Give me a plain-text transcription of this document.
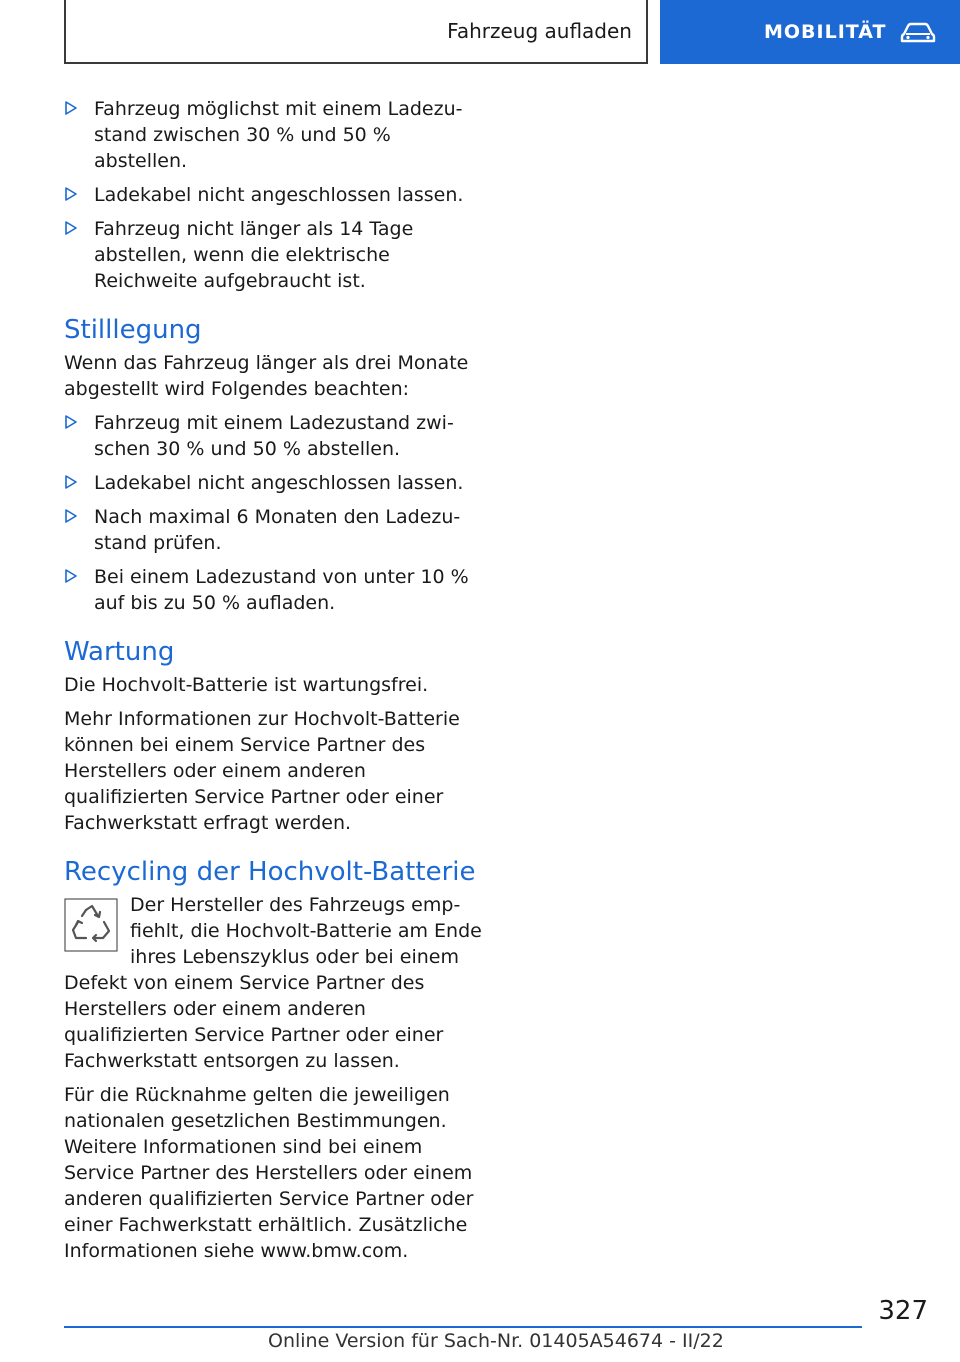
Fahrzeug aufladen	MOBILITÄT
Fahrzeug möglichst mit einem Ladezustand zwischen 30 % und 50 % abstellen.
Ladekabel nicht angeschlossen lassen.
Fahrzeug nicht länger als 14 Tage abstellen, wenn die elektrische Reichweite aufgebraucht ist.
Stilllegung

Wenn das Fahrzeug länger als drei Monate abgestellt wird Folgendes beachten:

Fahrzeug mit einem Ladezustand zwischen 30 % und 50 % abstellen.
Ladekabel nicht angeschlossen lassen.
Nach maximal 6 Monaten den Ladezustand prüfen.
Bei einem Ladezustand von unter 10 % auf bis zu 50 % aufladen.
Wartung

Die Hochvolt-Batterie ist wartungsfrei.

Mehr Informationen zur Hochvolt-Batterie können bei einem Service Partner des Herstellers oder einem anderen qualifizierten Service Partner oder einer Fachwerkstatt erfragt werden.

Recycling der Hochvolt-Batterie

Der Hersteller des Fahrzeugs empfiehlt, die Hochvolt-Batterie am Ende ihres Lebenszyklus oder bei einem Defekt von einem Service Partner des Herstellers oder einem anderen qualifizierten Service Partner oder einer Fachwerkstatt entsorgen zu lassen.

Für die Rücknahme gelten die jeweiligen nationalen gesetzlichen Bestimmungen. Weitere Informationen sind bei einem Service Partner des Herstellers oder einem anderen qualifizierten Service Partner oder einer Fachwerkstatt erhältlich. Zusätzliche Informationen siehe www.bmw.com.

327
Online Version für Sach-Nr. 01405A54674 - II/22
